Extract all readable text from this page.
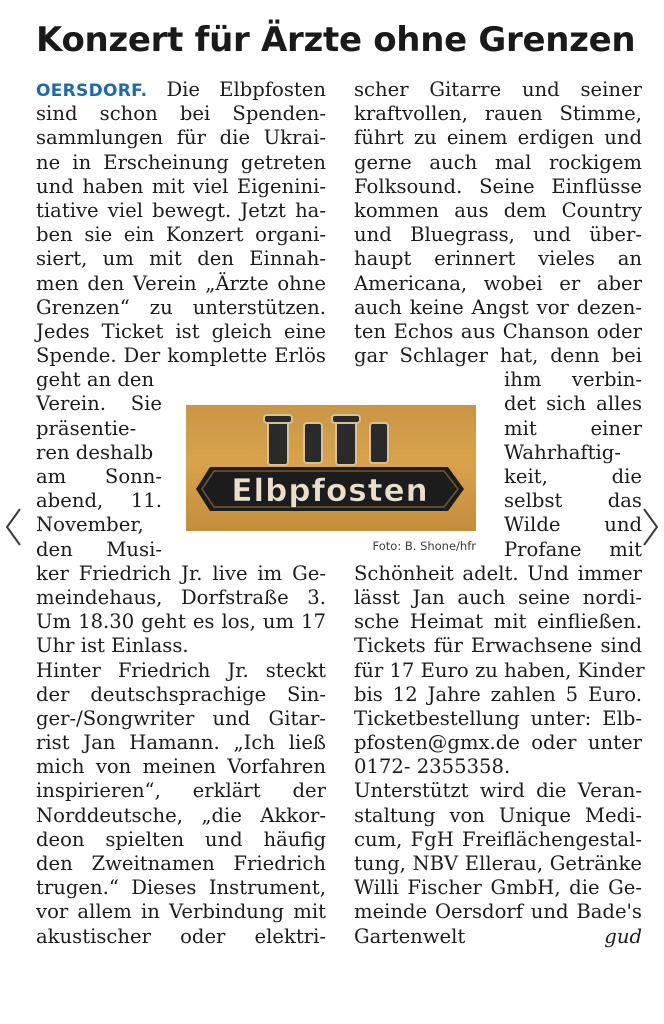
Konzert für Ärzte ohne Grenzen
OERSDORF. Die Elbpfosten
sind schon bei Spenden-
sammlungen für die Ukrai-
ne in Erscheinung getreten
und haben mit viel Eigenini-
tiative viel bewegt. Jetzt ha-
ben sie ein Konzert organi-
siert, um mit den Einnah-
men den Verein „Ärzte ohne
Grenzen“ zu unterstützen.
Jedes Ticket ist gleich eine
Spende. Der komplette Erlös
geht an den
Verein. Sie
präsentie-
ren deshalb
am Sonn-
abend, 11.
November,
den Musi-
ker Friedrich Jr. live im Ge-
meindehaus, Dorfstraße 3.
Um 18.30 geht es los, um 17
Uhr ist Einlass.
Hinter Friedrich Jr. steckt
der deutschsprachige Sin-
ger-/Songwriter und Gitar-
rist Jan Hamann. „Ich ließ
mich von meinen Vorfahren
inspirieren“, erklärt der
Norddeutsche, „die Akkor-
deon spielten und häufig
den Zweitnamen Friedrich
trugen.“ Dieses Instrument,
vor allem in Verbindung mit
akustischer oder elektri-
scher Gitarre und seiner
kraftvollen, rauen Stimme,
führt zu einem erdigen und
gerne auch mal rockigem
Folksound. Seine Einflüsse
kommen aus dem Country
und Bluegrass, und über-
haupt erinnert vieles an
Americana, wobei er aber
auch keine Angst vor dezen-
ten Echos aus Chanson oder
gar Schlager hat, denn bei
ihm verbin-
det sich alles
mit einer
Wahrhaftig-
keit, die
selbst das
Wilde und
Profane mit
Schönheit adelt. Und immer
lässt Jan auch seine nordi-
sche Heimat mit einfließen.
Tickets für Erwachsene sind
für 17 Euro zu haben, Kinder
bis 12 Jahre zahlen 5 Euro.
Ticketbestellung unter: Elb-
pfosten@gmx.de oder unter
0172- 2355358.
Unterstützt wird die Veran-
staltung von Unique Medi-
cum, FgH Freiflächengestal-
tung, NBV Ellerau, Getränke
Willi Fischer GmbH, die Ge-
meinde Oersdorf und Bade's
Gartenwelt	gud
Elbpfosten
Foto: B. Shone/hfr
